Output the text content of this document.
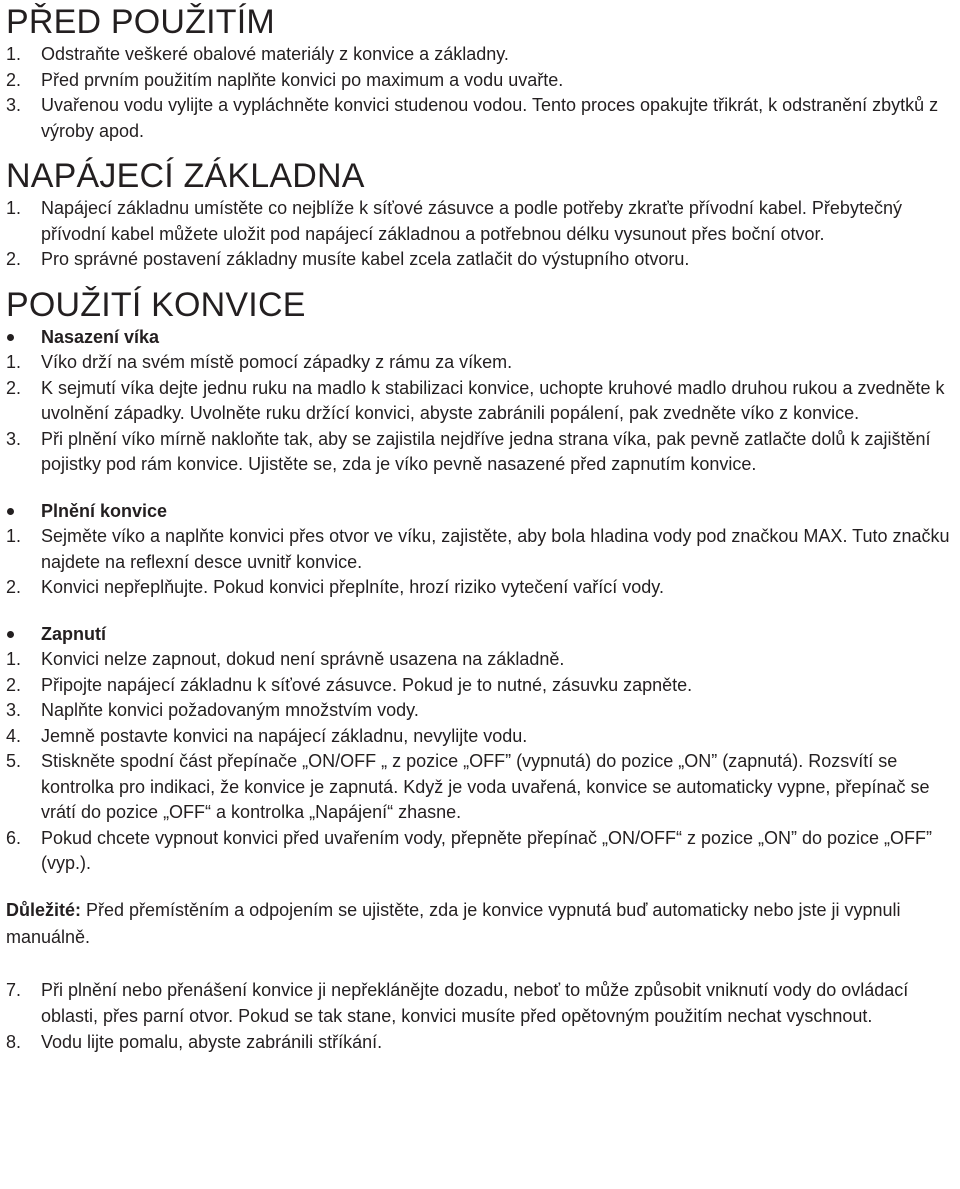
PŘED POUŽITÍM
1.	Odstraňte veškeré obalové materiály z konvice a základny.
2.	Před prvním použitím naplňte konvici po maximum a vodu uvařte.
3.	Uvařenou vodu vylijte a vypláchněte konvici studenou vodou. Tento proces opakujte třikrát, k odstranění zbytků z výroby apod.
NAPÁJECÍ ZÁKLADNA
1.	Napájecí základnu umístěte co nejblíže k síťové zásuvce a podle potřeby zkraťte přívodní kabel. Přebytečný přívodní kabel můžete uložit pod napájecí základnou a potřebnou délku vysunout přes boční otvor.
2.	Pro správné postavení základny musíte kabel zcela zatlačit do výstupního otvoru.
POUŽITÍ KONVICE
Nasazení víka
1.	Víko drží na svém místě pomocí západky z rámu za víkem.
2.	K sejmutí víka dejte jednu ruku na madlo k stabilizaci konvice, uchopte kruhové madlo druhou rukou a zvedněte k uvolnění západky. Uvolněte ruku držící konvici, abyste zabránili popálení, pak zvedněte víko z konvice.
3.	Při plnění víko mírně nakloňte tak, aby se zajistila nejdříve jedna strana víka, pak pevně zatlačte dolů k zajištění pojistky pod rám konvice. Ujistěte se, zda je víko pevně nasazené před zapnutím konvice.
Plnění konvice
1.	Sejměte víko a naplňte konvici přes otvor ve víku, zajistěte, aby bola hladina vody pod značkou MAX. Tuto značku najdete na reflexní desce uvnitř konvice.
2.	Konvici nepřeplňujte. Pokud konvici přeplníte, hrozí riziko vytečení vařící vody.
Zapnutí
1.	Konvici nelze zapnout, dokud není správně usazena na základně.
2.	Připojte napájecí základnu k síťové zásuvce. Pokud je to nutné, zásuvku zapněte.
3.	Naplňte konvici požadovaným množstvím vody.
4.	Jemně postavte konvici na napájecí základnu, nevylijte vodu.
5.	Stiskněte spodní část přepínače „ON/OFF „ z pozice „OFF” (vypnutá) do pozice „ON” (zapnutá). Rozsvítí se kontrolka pro indikaci, že konvice je zapnutá. Když je voda uvařená, konvice se automaticky vypne, přepínač se vrátí do pozice „OFF“ a kontrolka „Napájení“ zhasne.
6.	Pokud chcete vypnout konvici před uvařením vody, přepněte přepínač „ON/OFF“ z pozice „ON” do pozice „OFF” (vyp.).
Důležité: Před přemístěním a odpojením se ujistěte, zda je konvice vypnutá buď automaticky nebo jste ji vypnuli manuálně.
7.	Při plnění nebo přenášení konvice ji nepřeklánějte dozadu, neboť to může způsobit vniknutí vody do ovládací oblasti, přes parní otvor. Pokud se tak stane, konvici musíte před opětovným použitím nechat vyschnout.
8.	Vodu lijte pomalu, abyste zabránili stříkání.
